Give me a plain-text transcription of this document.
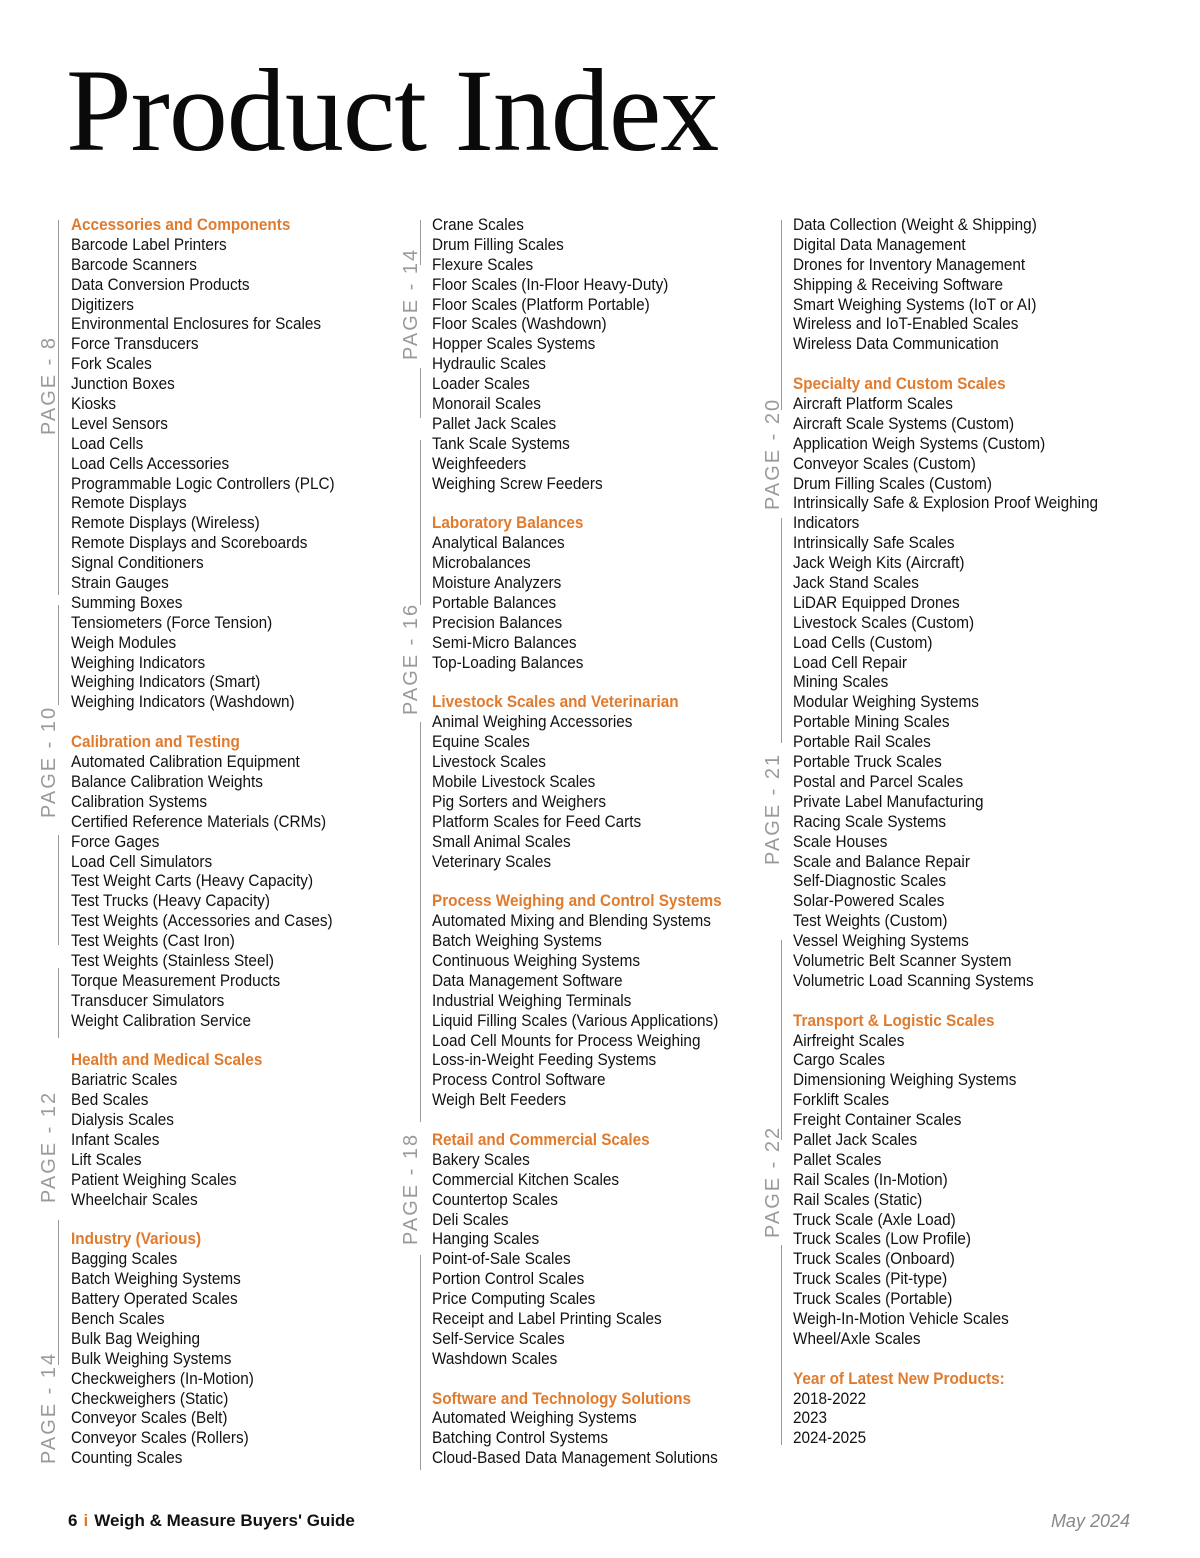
Product Index
Accessories and Components
Barcode Label Printers
Barcode Scanners
Data Conversion Products
Digitizers
Environmental Enclosures for Scales
Force Transducers
Fork Scales
Junction Boxes
Kiosks
Level Sensors
Load Cells
Load Cells Accessories
Programmable Logic Controllers (PLC)
Remote Displays
Remote Displays (Wireless)
Remote Displays and Scoreboards
Signal Conditioners
Strain Gauges
Summing Boxes
Tensiometers (Force Tension)
Weigh Modules
Weighing Indicators
Weighing Indicators (Smart)
Weighing Indicators (Washdown)
Calibration and Testing
Automated Calibration Equipment
Balance Calibration Weights
Calibration Systems
Certified Reference Materials (CRMs)
Force Gages
Load Cell Simulators
Test Weight Carts (Heavy Capacity)
Test Trucks (Heavy Capacity)
Test Weights (Accessories and Cases)
Test Weights (Cast Iron)
Test Weights (Stainless Steel)
Torque Measurement Products
Transducer Simulators
Weight Calibration Service
Health and Medical Scales
Bariatric Scales
Bed Scales
Dialysis Scales
Infant Scales
Lift Scales
Patient Weighing Scales
Wheelchair Scales
Industry (Various)
Bagging Scales
Batch Weighing Systems
Battery Operated Scales
Bench Scales
Bulk Bag Weighing
Bulk Weighing Systems
Checkweighers (In-Motion)
Checkweighers (Static)
Conveyor Scales (Belt)
Conveyor Scales (Rollers)
Counting Scales
Crane Scales
Drum Filling Scales
Flexure Scales
Floor Scales (In-Floor Heavy-Duty)
Floor Scales (Platform Portable)
Floor Scales (Washdown)
Hopper Scales Systems
Hydraulic Scales
Loader Scales
Monorail Scales
Pallet Jack Scales
Tank Scale Systems
Weighfeeders
Weighing Screw Feeders
Laboratory Balances
Analytical Balances
Microbalances
Moisture Analyzers
Portable Balances
Precision Balances
Semi-Micro Balances
Top-Loading Balances
Livestock Scales and Veterinarian
Animal Weighing Accessories
Equine Scales
Livestock Scales
Mobile Livestock Scales
Pig Sorters and Weighers
Platform Scales for Feed Carts
Small Animal Scales
Veterinary Scales
Process Weighing and Control Systems
Automated Mixing and Blending Systems
Batch Weighing Systems
Continuous Weighing Systems
Data Management Software
Industrial Weighing Terminals
Liquid Filling Scales (Various Applications)
Load Cell Mounts for Process Weighing
Loss-in-Weight Feeding Systems
Process Control Software
Weigh Belt Feeders
Retail and Commercial Scales
Bakery Scales
Commercial Kitchen Scales
Countertop Scales
Deli Scales
Hanging Scales
Point-of-Sale Scales
Portion Control Scales
Price Computing Scales
Receipt and Label Printing Scales
Self-Service Scales
Washdown Scales
Software and Technology Solutions
Automated Weighing Systems
Batching Control Systems
Cloud-Based Data Management Solutions
Data Collection (Weight & Shipping)
Digital Data Management
Drones for Inventory Management
Shipping & Receiving Software
Smart Weighing Systems (IoT or AI)
Wireless and IoT-Enabled Scales
Wireless Data Communication
Specialty and Custom Scales
Aircraft Platform Scales
Aircraft Scale Systems (Custom)
Application Weigh Systems (Custom)
Conveyor Scales (Custom)
Drum Filling Scales (Custom)
Intrinsically Safe & Explosion Proof Weighing
Indicators
Intrinsically Safe Scales
Jack Weigh Kits (Aircraft)
Jack Stand Scales
LiDAR Equipped Drones
Livestock Scales (Custom)
Load Cells (Custom)
Load Cell Repair
Mining Scales
Modular Weighing Systems
Portable Mining Scales
Portable Rail Scales
Portable Truck Scales
Postal and Parcel Scales
Private Label Manufacturing
Racing Scale Systems
Scale Houses
Scale and Balance Repair
Self-Diagnostic Scales
Solar-Powered Scales
Test Weights (Custom)
Vessel Weighing Systems
Volumetric Belt Scanner System
Volumetric Load Scanning Systems
Transport & Logistic Scales
Airfreight Scales
Cargo Scales
Dimensioning Weighing Systems
Forklift Scales
Freight Container Scales
Pallet Jack Scales
Pallet Scales
Rail Scales (In-Motion)
Rail Scales (Static)
Truck Scale (Axle Load)
Truck Scales (Low Profile)
Truck Scales (Onboard)
Truck Scales (Pit-type)
Truck Scales (Portable)
Weigh-In-Motion Vehicle Scales
Wheel/Axle Scales
Year of Latest New Products:
2018-2022
2023
2024-2025
PAGE - 8
PAGE - 10
PAGE - 12
PAGE - 14
PAGE - 14
PAGE - 16
PAGE - 18
PAGE - 20
PAGE - 21
PAGE - 22
6 i Weigh & Measure Buyers' Guide	May 2024
